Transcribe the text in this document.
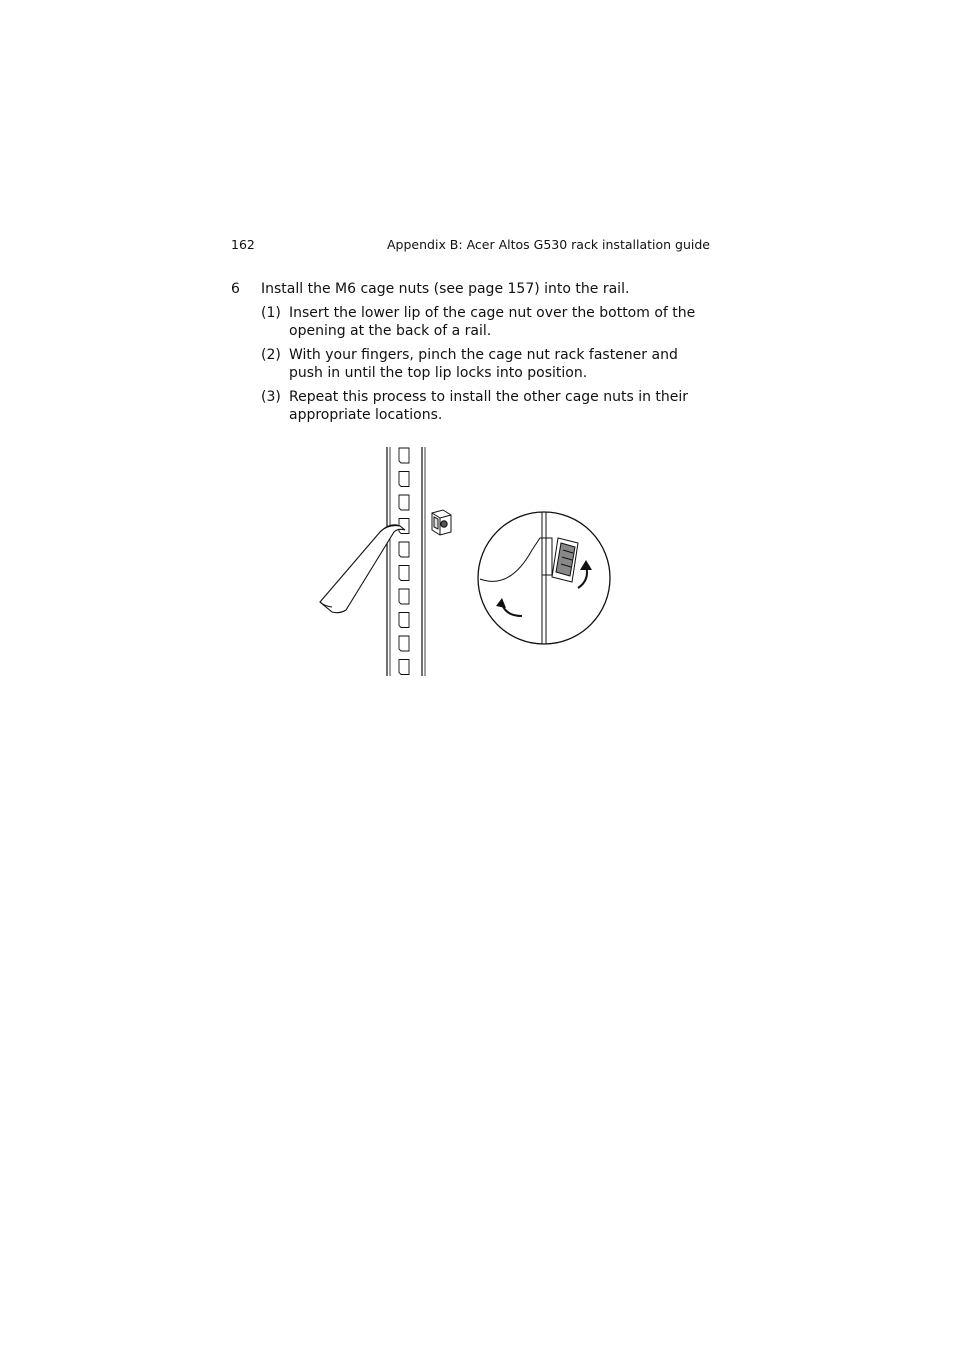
162	Appendix B: Acer Altos G530 rack installation guide
6 Install the M6 cage nuts (see page 157) into the rail.
(1) Insert the lower lip of the cage nut over the bottom of the opening at the back of a rail.
(2) With your fingers, pinch the cage nut rack fastener and push in until the top lip locks into position.
(3) Repeat this process to install the other cage nuts in their appropriate locations.
